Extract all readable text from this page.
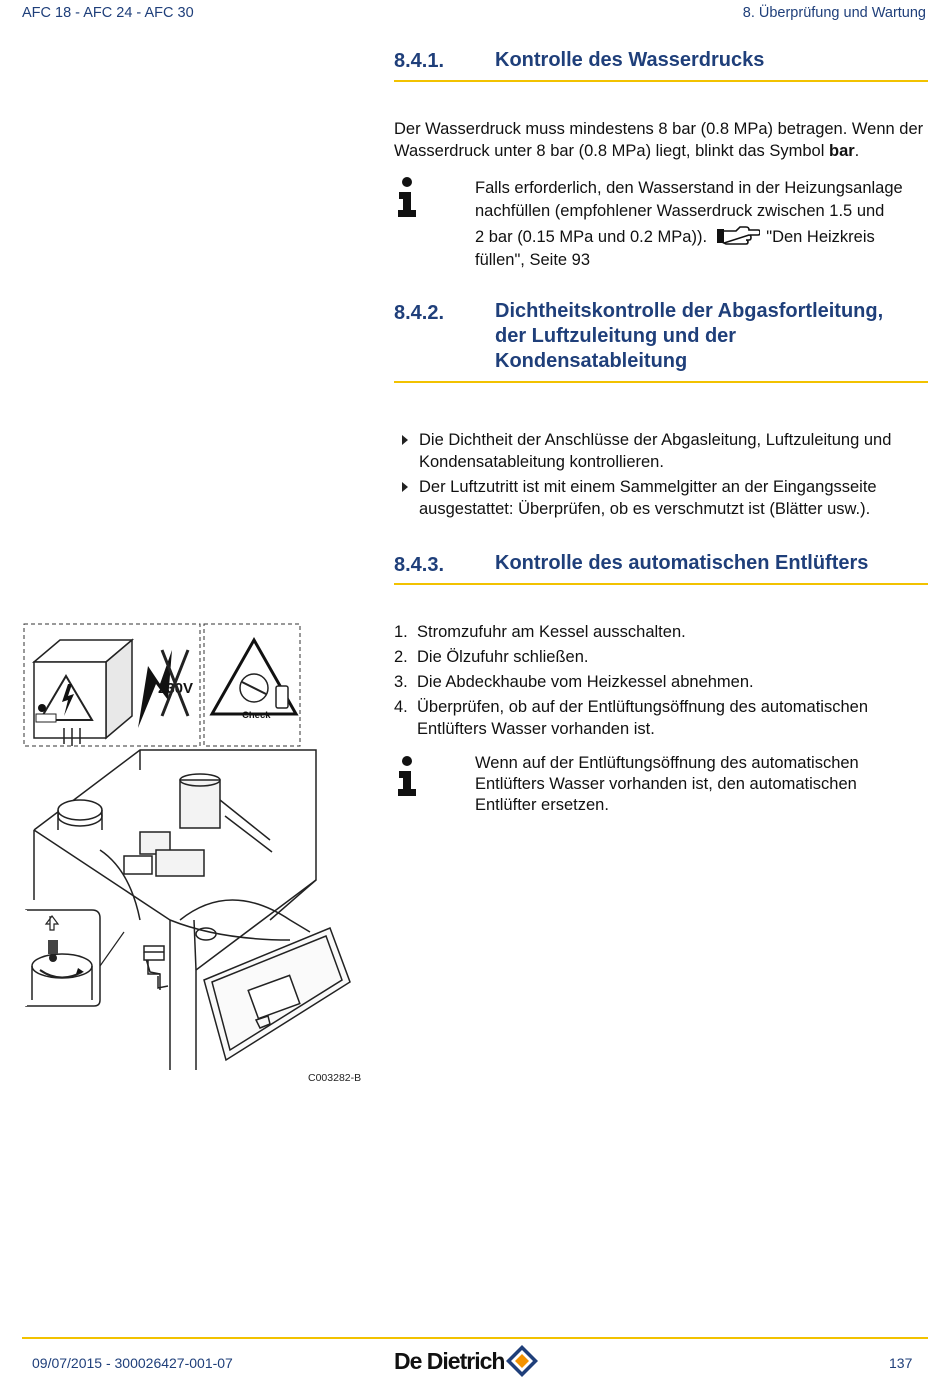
AFC 18 - AFC 24 - AFC 30	8. Überprüfung und Wartung
8.4.1.	Kontrolle des Wasserdrucks
Der Wasserdruck muss mindestens 8 bar (0.8 MPa) betragen. Wenn der Wasserdruck unter 8 bar (0.8 MPa) liegt, blinkt das Symbol bar.
Falls erforderlich, den Wasserstand in der Heizungsanlage
nachfüllen (empfohlener Wasserdruck zwischen 1.5 und
2 bar (0.15 MPa und 0.2 MPa)).	"Den Heizkreis
füllen", Seite 93
8.4.2.	Dichtheitskontrolle der Abgasfortleitung,
der Luftzuleitung und der
Kondensatableitung
Die Dichtheit der Anschlüsse der Abgasleitung, Luftzuleitung und Kondensatableitung kontrollieren.
Der Luftzutritt ist mit einem Sammelgitter an der Eingangsseite ausgestattet: Überprüfen, ob es verschmutzt ist (Blätter usw.).
8.4.3.	Kontrolle des automatischen Entlüfters
1. Stromzufuhr am Kessel ausschalten.
2. Die Ölzufuhr schließen.
3. Die Abdeckhaube vom Heizkessel abnehmen.
4. Überprüfen, ob auf der Entlüftungsöffnung des automatischen Entlüfters Wasser vorhanden ist.
Wenn auf der Entlüftungsöffnung des automatischen
Entlüfters Wasser vorhanden ist, den automatischen
Entlüfter ersetzen.
230V
Check
C003282-B
09/07/2015 - 300026427-001-07	De Dietrich	137
